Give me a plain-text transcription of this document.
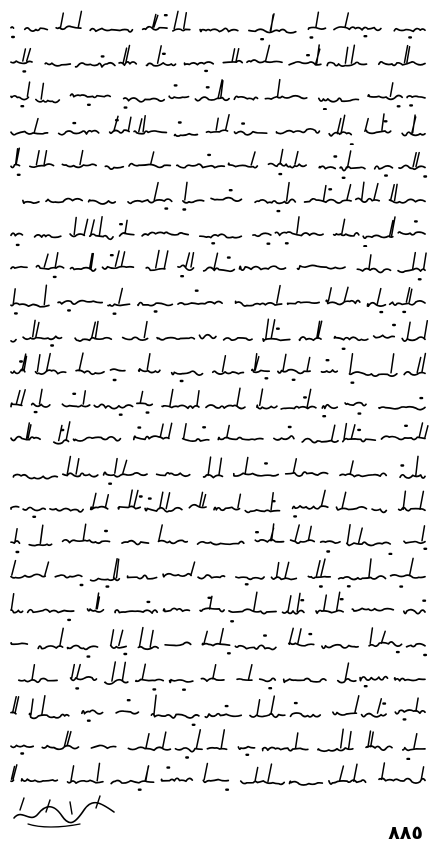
٨٨٥
